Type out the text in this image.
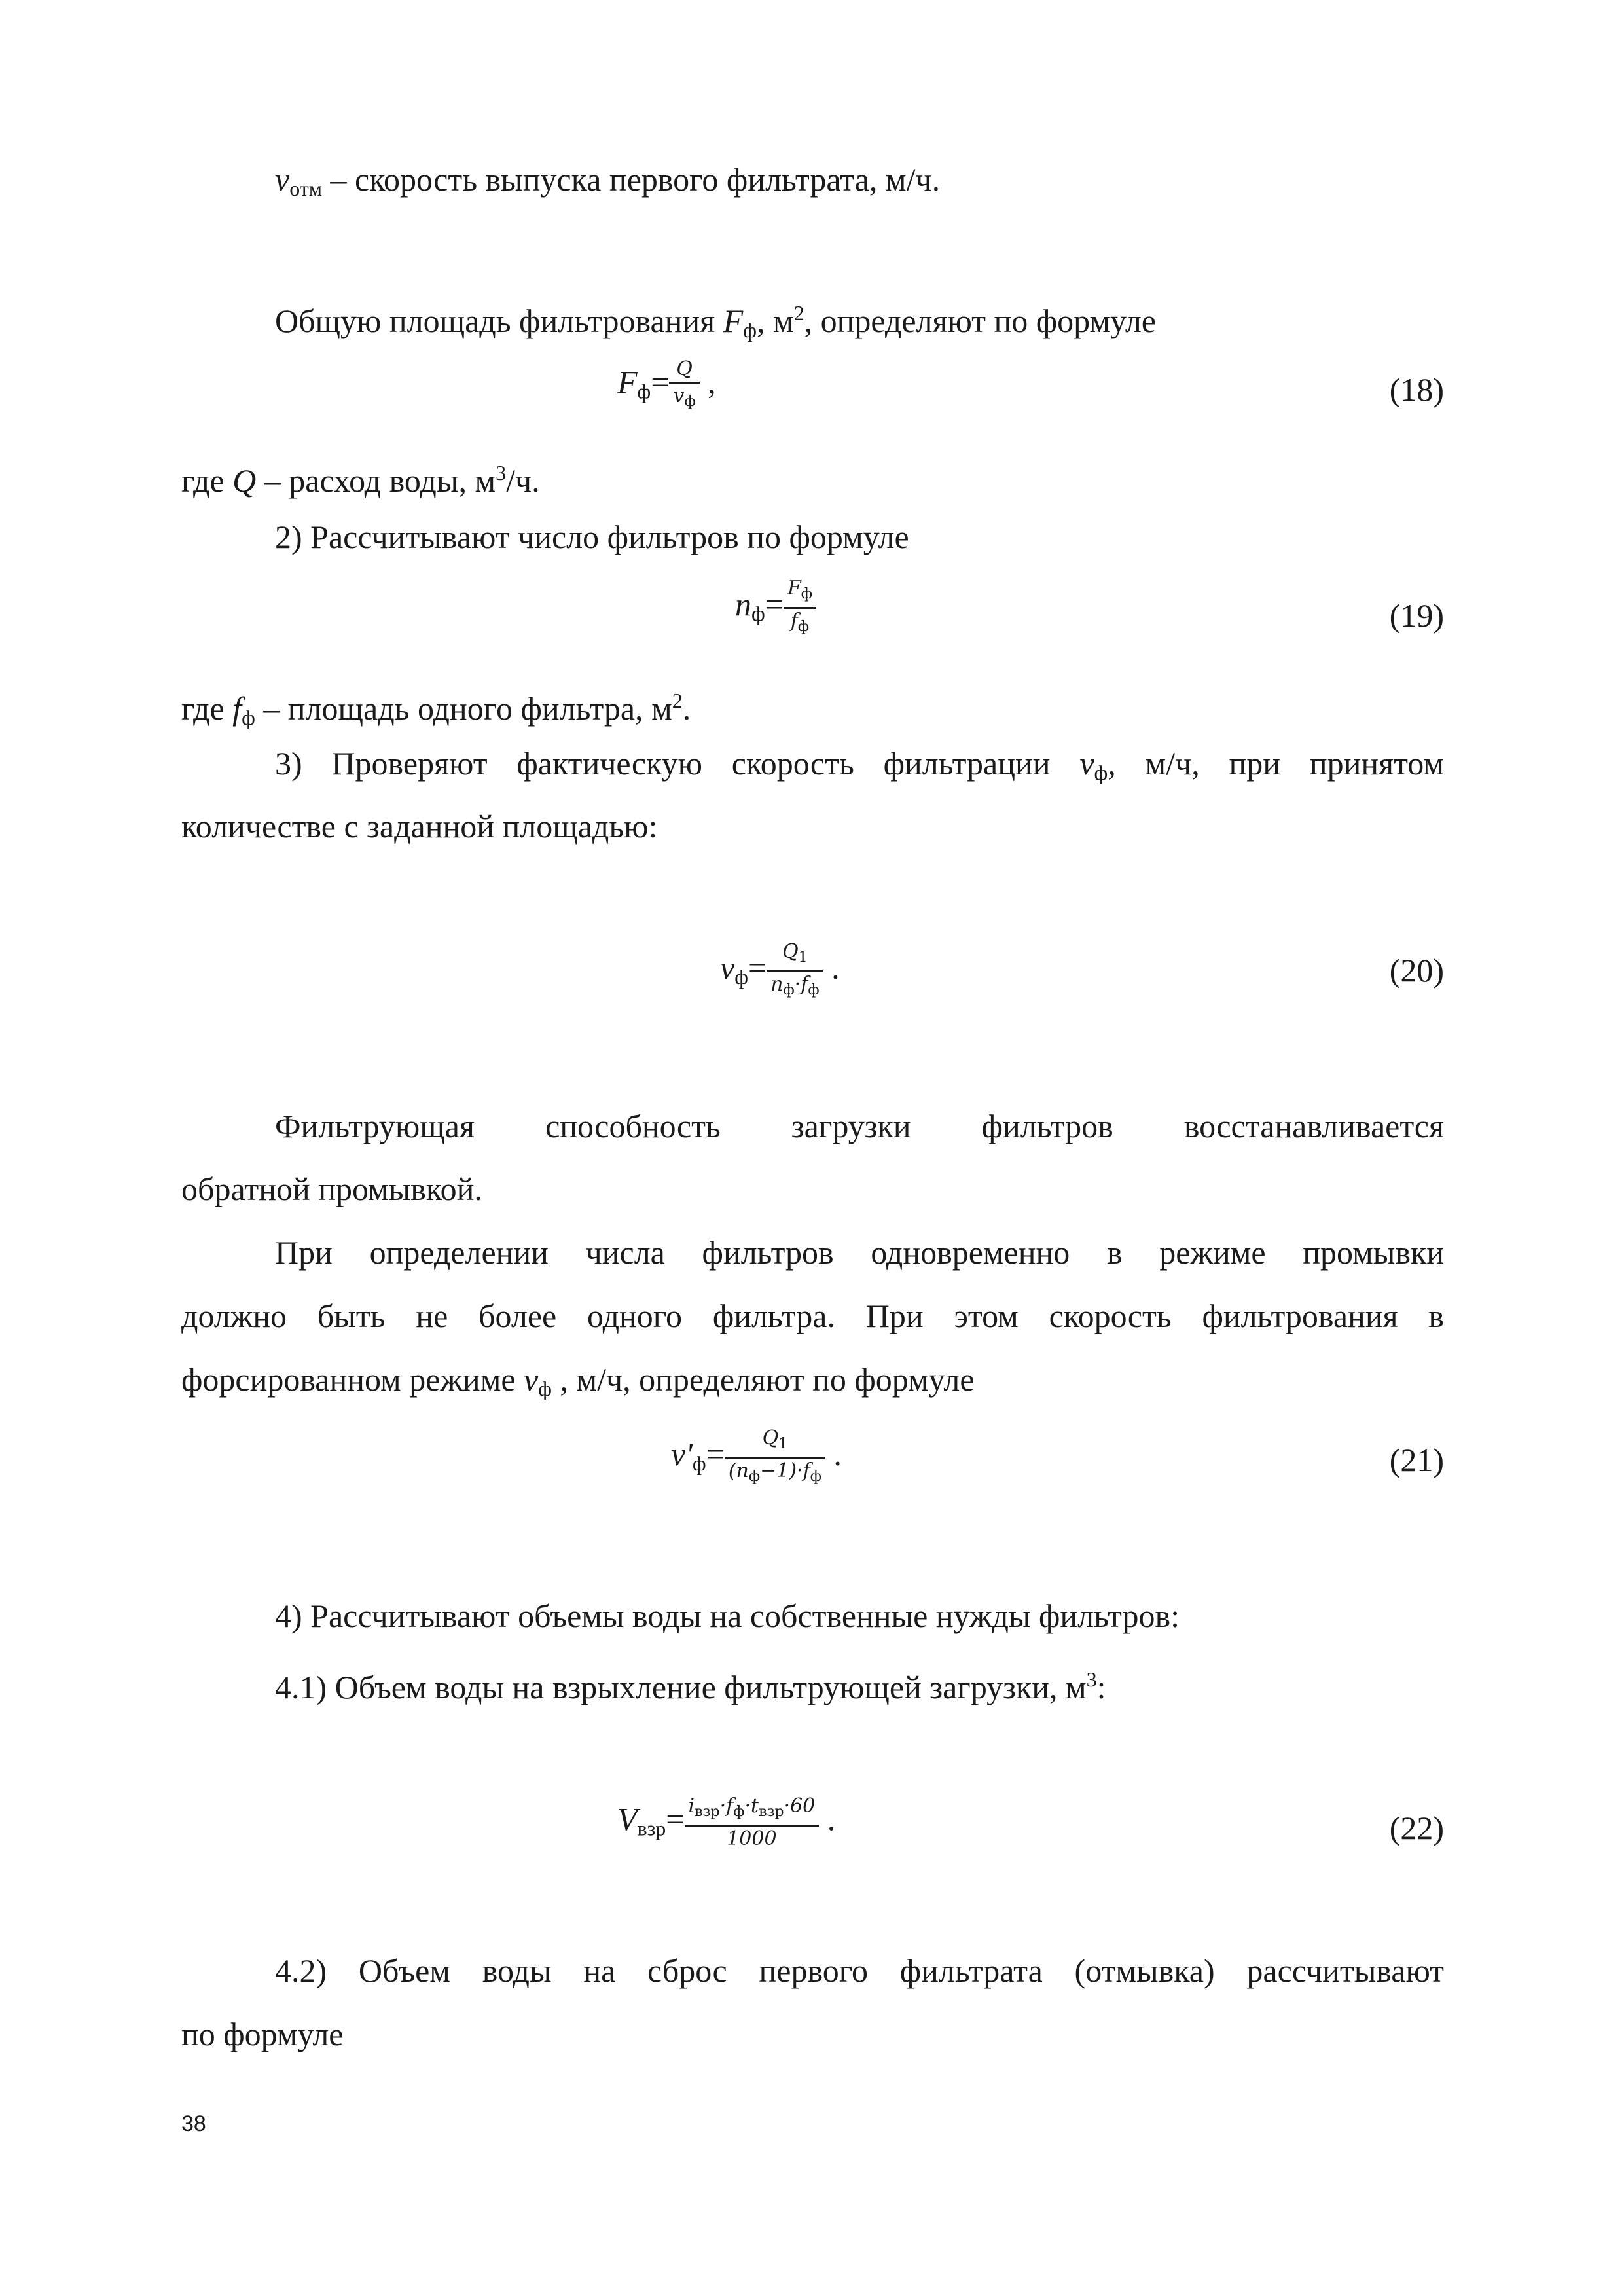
$v_{отм}$ – скорость выпуска первого фильтрата, м/ч.
Общую площадь фильтрования $F_ф$, $м^2$, определяют по формуле
$F_ф= \frac{Q}{v_ф}$ ,	(18)
где Q – расход воды, $м^3/ч$.
2) Рассчитывают число фильтров по формуле
$n_ф= \frac{F_ф}{f_ф}$	(19)
где $f_ф$ – площадь одного фильтра, $м^2$.
3) Проверяют фактическую скорость фильтрации $v_ф$, м/ч, при принятом
количестве с заданной площадью:
$v_ф= \frac{Q_1}{n_ф\cdot f_ф}$ .	(20)
Фильтрующая способность загрузки фильтров восстанавливается
обратной промывкой.
При определении числа фильтров одновременно в режиме промывки
должно быть не более одного фильтра. При этом скорость фильтрования в
форсированном режиме $v_ф$ , м/ч, определяют по формуле
$v'_ф= \frac{Q_1}{(n_ф-1)\cdot f_ф}$ .	(21)
4) Рассчитывают объемы воды на собственные нужды фильтров:
4.1) Объем воды на взрыхление фильтрующей загрузки, $м^3$:
$V_{взр}= \frac{i_{взр}\cdot f_ф\cdot t_{взр}\cdot 60}{1000}$ .	(22)
4.2) Объем воды на сброс первого фильтрата (отмывка) рассчитывают
по формуле
38
